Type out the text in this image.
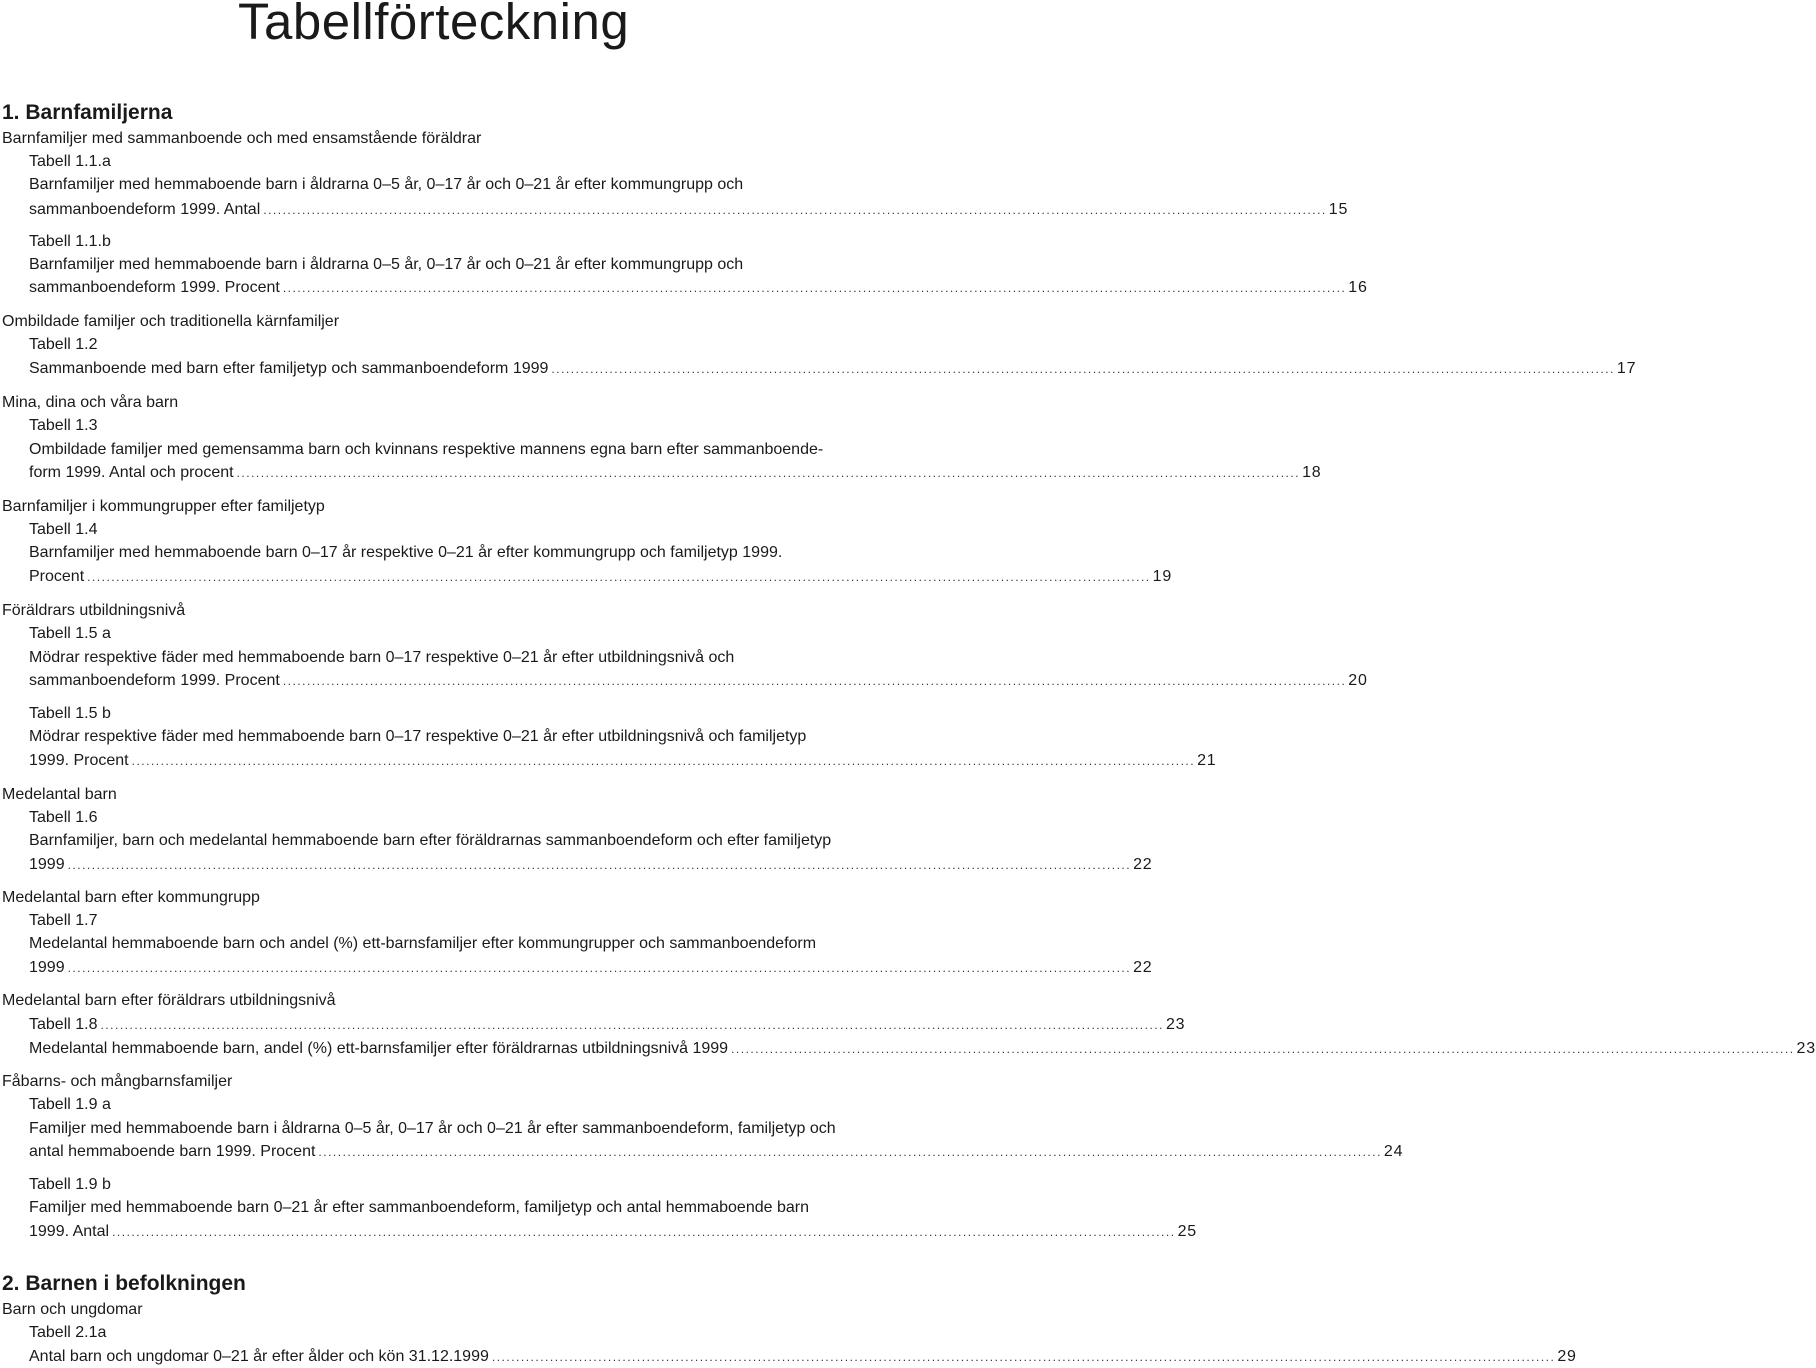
Tabellförteckning
1. Barnfamiljerna
Barnfamiljer med sammanboende och med ensamstående föräldrar
Tabell 1.1.a
Barnfamiljer med hemmaboende barn i åldrarna 0–5 år, 0–17 år och 0–21 år efter kommungrupp och
sammanboendeform 1999. Antal ............................................................................................................................................................................................................................ 15
Tabell 1.1.b
Barnfamiljer med hemmaboende barn i åldrarna 0–5 år, 0–17 år och 0–21 år efter kommungrupp och
sammanboendeform 1999. Procent ............................................................................................................................................................................................................................ 16
Ombildade familjer och traditionella kärnfamiljer
Tabell 1.2
Sammanboende med barn efter familjetyp och sammanboendeform 1999 ............................................................................................................................................................................................................................ 17
Mina, dina och våra barn
Tabell 1.3
Ombildade familjer med gemensamma barn och kvinnans respektive mannens egna barn efter sammanboende-
form 1999. Antal och procent ............................................................................................................................................................................................................................ 18
Barnfamiljer i kommungrupper efter familjetyp
Tabell 1.4
Barnfamiljer med hemmaboende barn 0–17 år respektive 0–21 år efter kommungrupp och familjetyp 1999.
Procent ............................................................................................................................................................................................................................ 19
Föräldrars utbildningsnivå
Tabell 1.5 a
Mödrar respektive fäder med hemmaboende barn 0–17 respektive 0–21 år efter utbildningsnivå och
sammanboendeform 1999. Procent ............................................................................................................................................................................................................................ 20
Tabell 1.5 b
Mödrar respektive fäder med hemmaboende barn 0–17 respektive 0–21 år efter utbildningsnivå och familjetyp
1999. Procent ............................................................................................................................................................................................................................ 21
Medelantal barn
Tabell 1.6
Barnfamiljer, barn och medelantal hemmaboende barn efter föräldrarnas sammanboendeform och efter familjetyp
1999 ............................................................................................................................................................................................................................ 22
Medelantal barn efter kommungrupp
Tabell 1.7
Medelantal hemmaboende barn och andel (%) ett-barnsfamiljer efter kommungrupper och sammanboendeform
1999 ............................................................................................................................................................................................................................ 22
Medelantal barn efter föräldrars utbildningsnivå
Tabell 1.8 ............................................................................................................................................................................................................................ 23
Medelantal hemmaboende barn, andel (%) ett-barnsfamiljer efter föräldrarnas utbildningsnivå 1999 ............................................................................................................................................................................................................................ 23
Fåbarns- och mångbarnsfamiljer
Tabell 1.9 a
Familjer med hemmaboende barn i åldrarna 0–5 år, 0–17 år och 0–21 år efter sammanboendeform, familjetyp och
antal hemmaboende barn 1999. Procent ............................................................................................................................................................................................................................ 24
Tabell 1.9 b
Familjer med hemmaboende barn 0–21 år efter sammanboendeform, familjetyp och antal hemmaboende barn
1999. Antal ............................................................................................................................................................................................................................ 25
2. Barnen i befolkningen
Barn och ungdomar
Tabell 2.1a
Antal barn och ungdomar 0–21 år efter ålder och kön 31.12.1999 ............................................................................................................................................................................................................................ 29
